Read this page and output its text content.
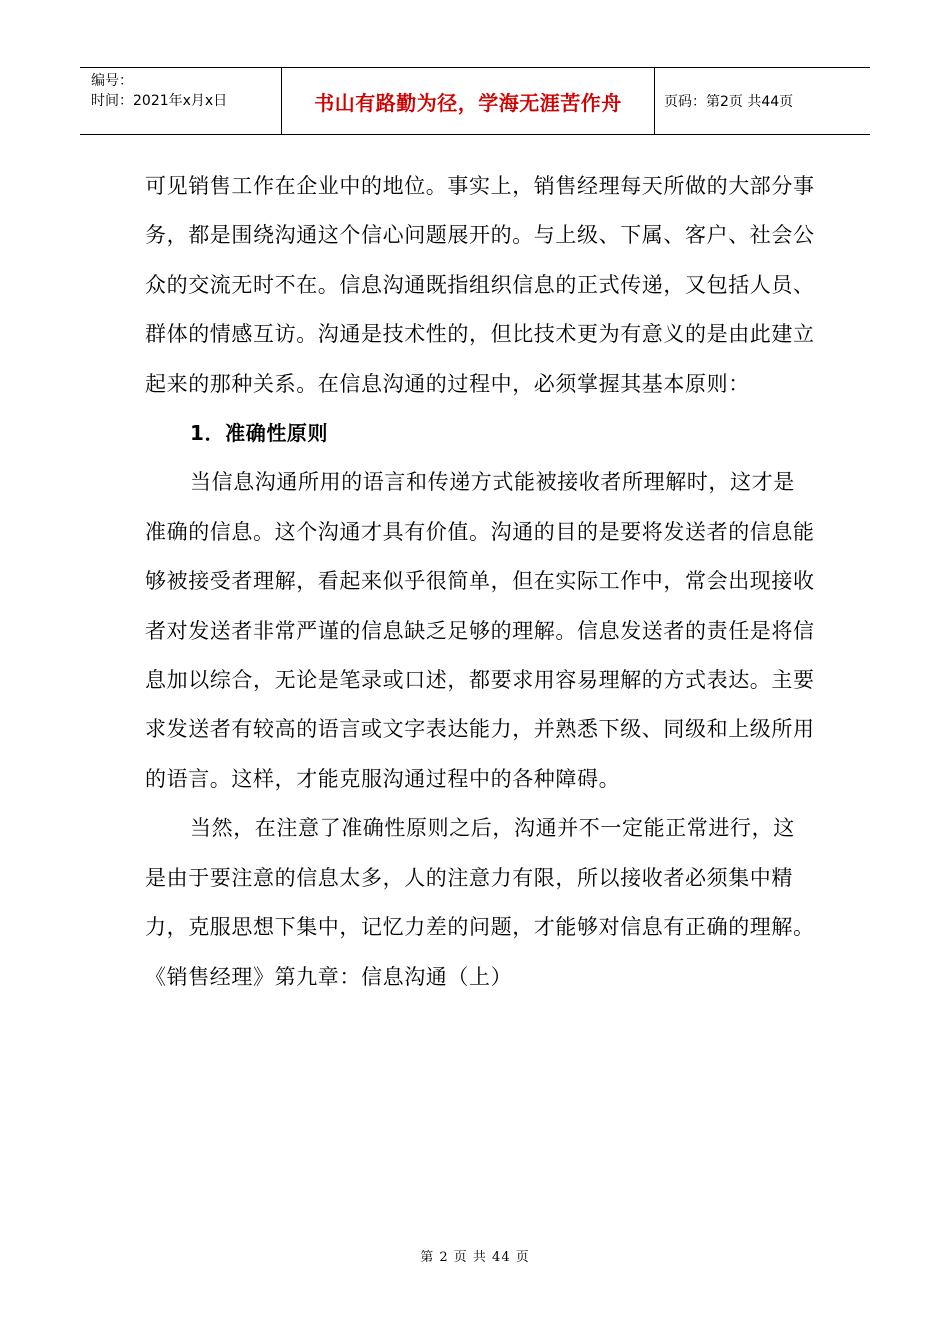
编号：
时间：2021年x月x日	书山有路勤为径，学海无涯苦作舟	页码：第2页 共44页

可见销售工作在企业中的地位。事实上，销售经理每天所做的大部分事务，都是围绕沟通这个信心问题展开的。与上级、下属、客户、社会公众的交流无时不在。信息沟通既指组织信息的正式传递，又包括人员、群体的情感互访。沟通是技术性的，但比技术更为有意义的是由此建立起来的那种关系。在信息沟通的过程中，必须掌握其基本原则：

1．准确性原则

当信息沟通所用的语言和传递方式能被接收者所理解时，这才是准确的信息。这个沟通才具有价值。沟通的目的是要将发送者的信息能够被接受者理解，看起来似乎很简单，但在实际工作中，常会出现接收者对发送者非常严谨的信息缺乏足够的理解。信息发送者的责任是将信息加以综合，无论是笔录或口述，都要求用容易理解的方式表达。主要求发送者有较高的语言或文字表达能力，并熟悉下级、同级和上级所用的语言。这样，才能克服沟通过程中的各种障碍。

当然，在注意了准确性原则之后，沟通并不一定能正常进行，这是由于要注意的信息太多，人的注意力有限，所以接收者必须集中精力，克服思想下集中，记忆力差的问题，才能够对信息有正确的理解。

《销售经理》第九章：信息沟通（上）

第 2 页 共 44 页
